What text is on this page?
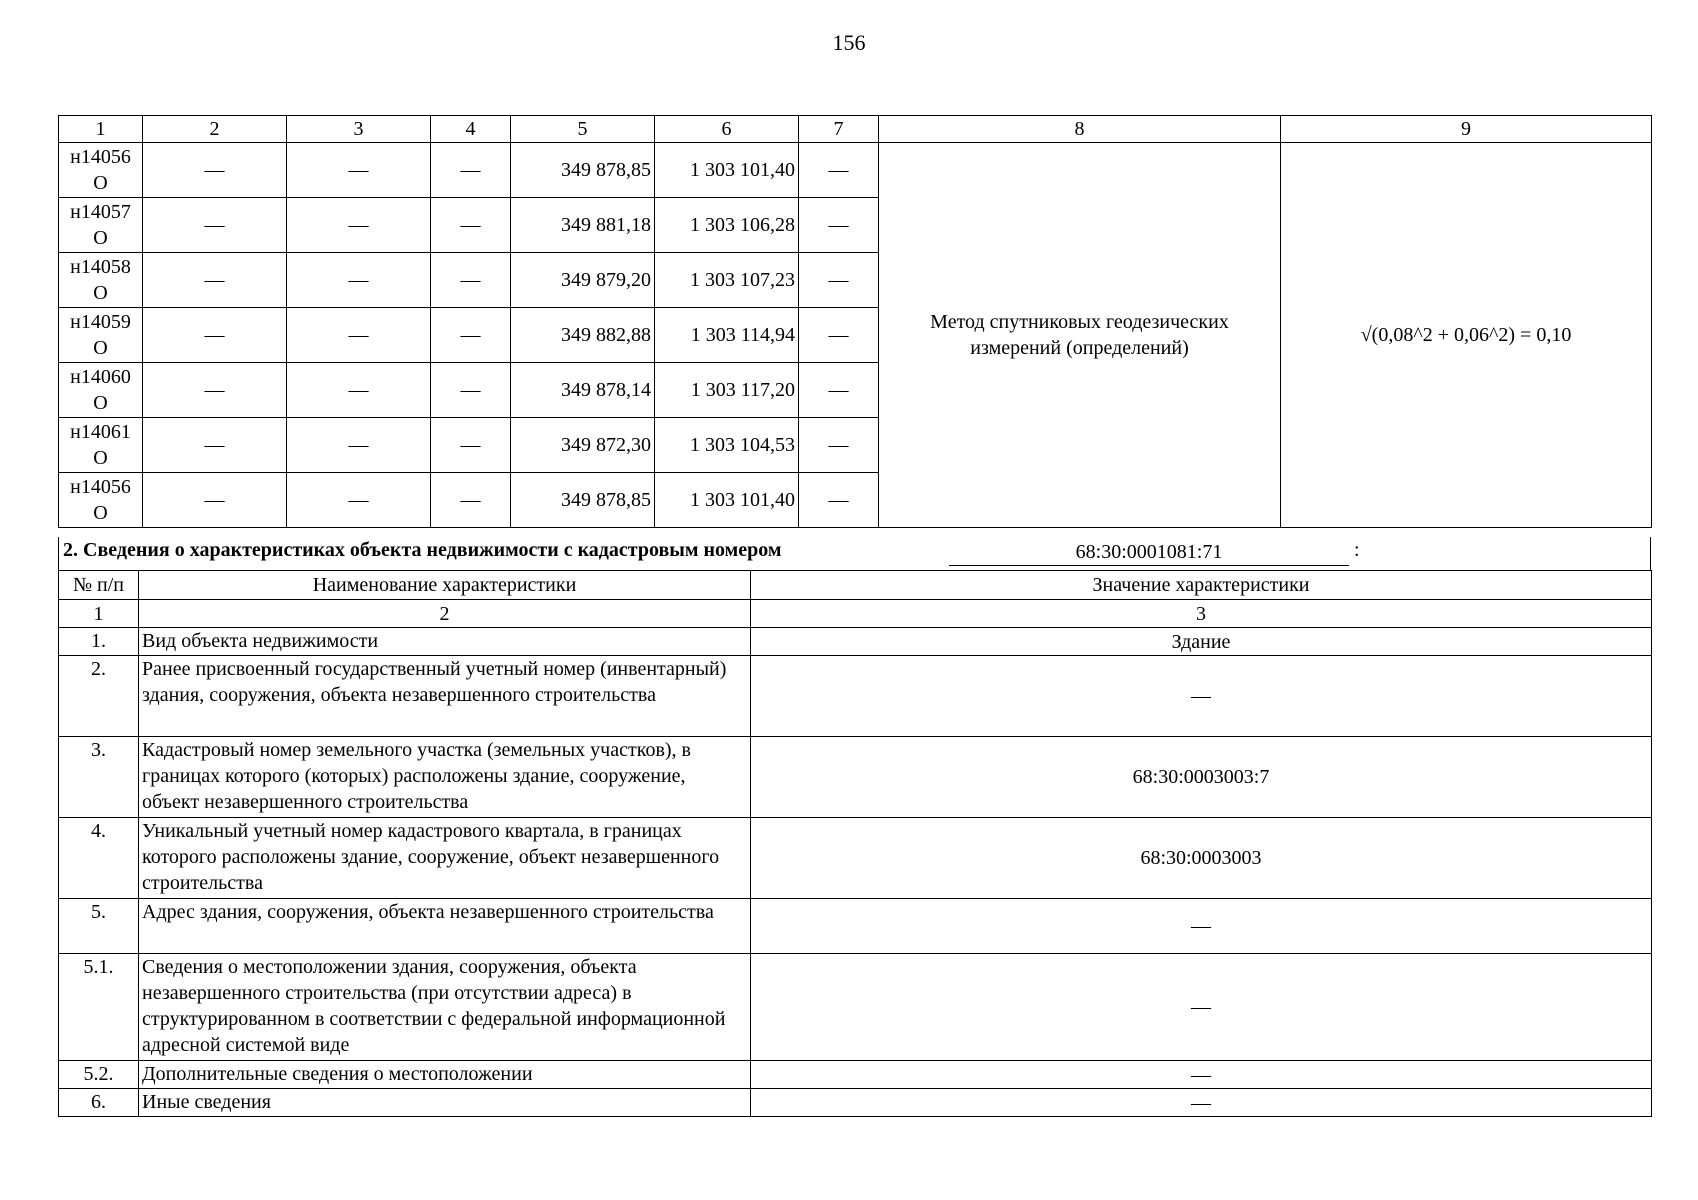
156
1	2	3	4	5	6	7	8	9
н14056 О	—	—	—	349 878,85	1 303 101,40	—	Метод спутниковых геодезических измерений (определений)	√(0,08^2 + 0,06^2) = 0,10
н14057 О	—	—	—	349 881,18	1 303 106,28	—		
н14058 О	—	—	—	349 879,20	1 303 107,23	—		
н14059 О	—	—	—	349 882,88	1 303 114,94	—		
н14060 О	—	—	—	349 878,14	1 303 117,20	—		
н14061 О	—	—	—	349 872,30	1 303 104,53	—		
н14056 О	—	—	—	349 878,85	1 303 101,40	—		
2. Сведения о характеристиках объекта недвижимости с кадастровым номером	68:30:0001081:71	:
№ п/п	Наименование характеристики	Значение характеристики
1	2	3
1.	Вид объекта недвижимости	Здание
2.	Ранее присвоенный государственный учетный номер (инвентарный) здания, сооружения, объекта незавершенного строительства	—
3.	Кадастровый номер земельного участка (земельных участков), в границах которого (которых) расположены здание, сооружение, объект незавершенного строительства	68:30:0003003:7
4.	Уникальный учетный номер кадастрового квартала, в границах которого расположены здание, сооружение, объект незавершенного строительства	68:30:0003003
5.	Адрес здания, сооружения, объекта незавершенного строительства	—
5.1.	Сведения о местоположении здания, сооружения, объекта незавершенного строительства (при отсутствии адреса) в структурированном в соответствии с федеральной информационной адресной системой виде	—
5.2.	Дополнительные сведения о местоположении	—
6.	Иные сведения	—
